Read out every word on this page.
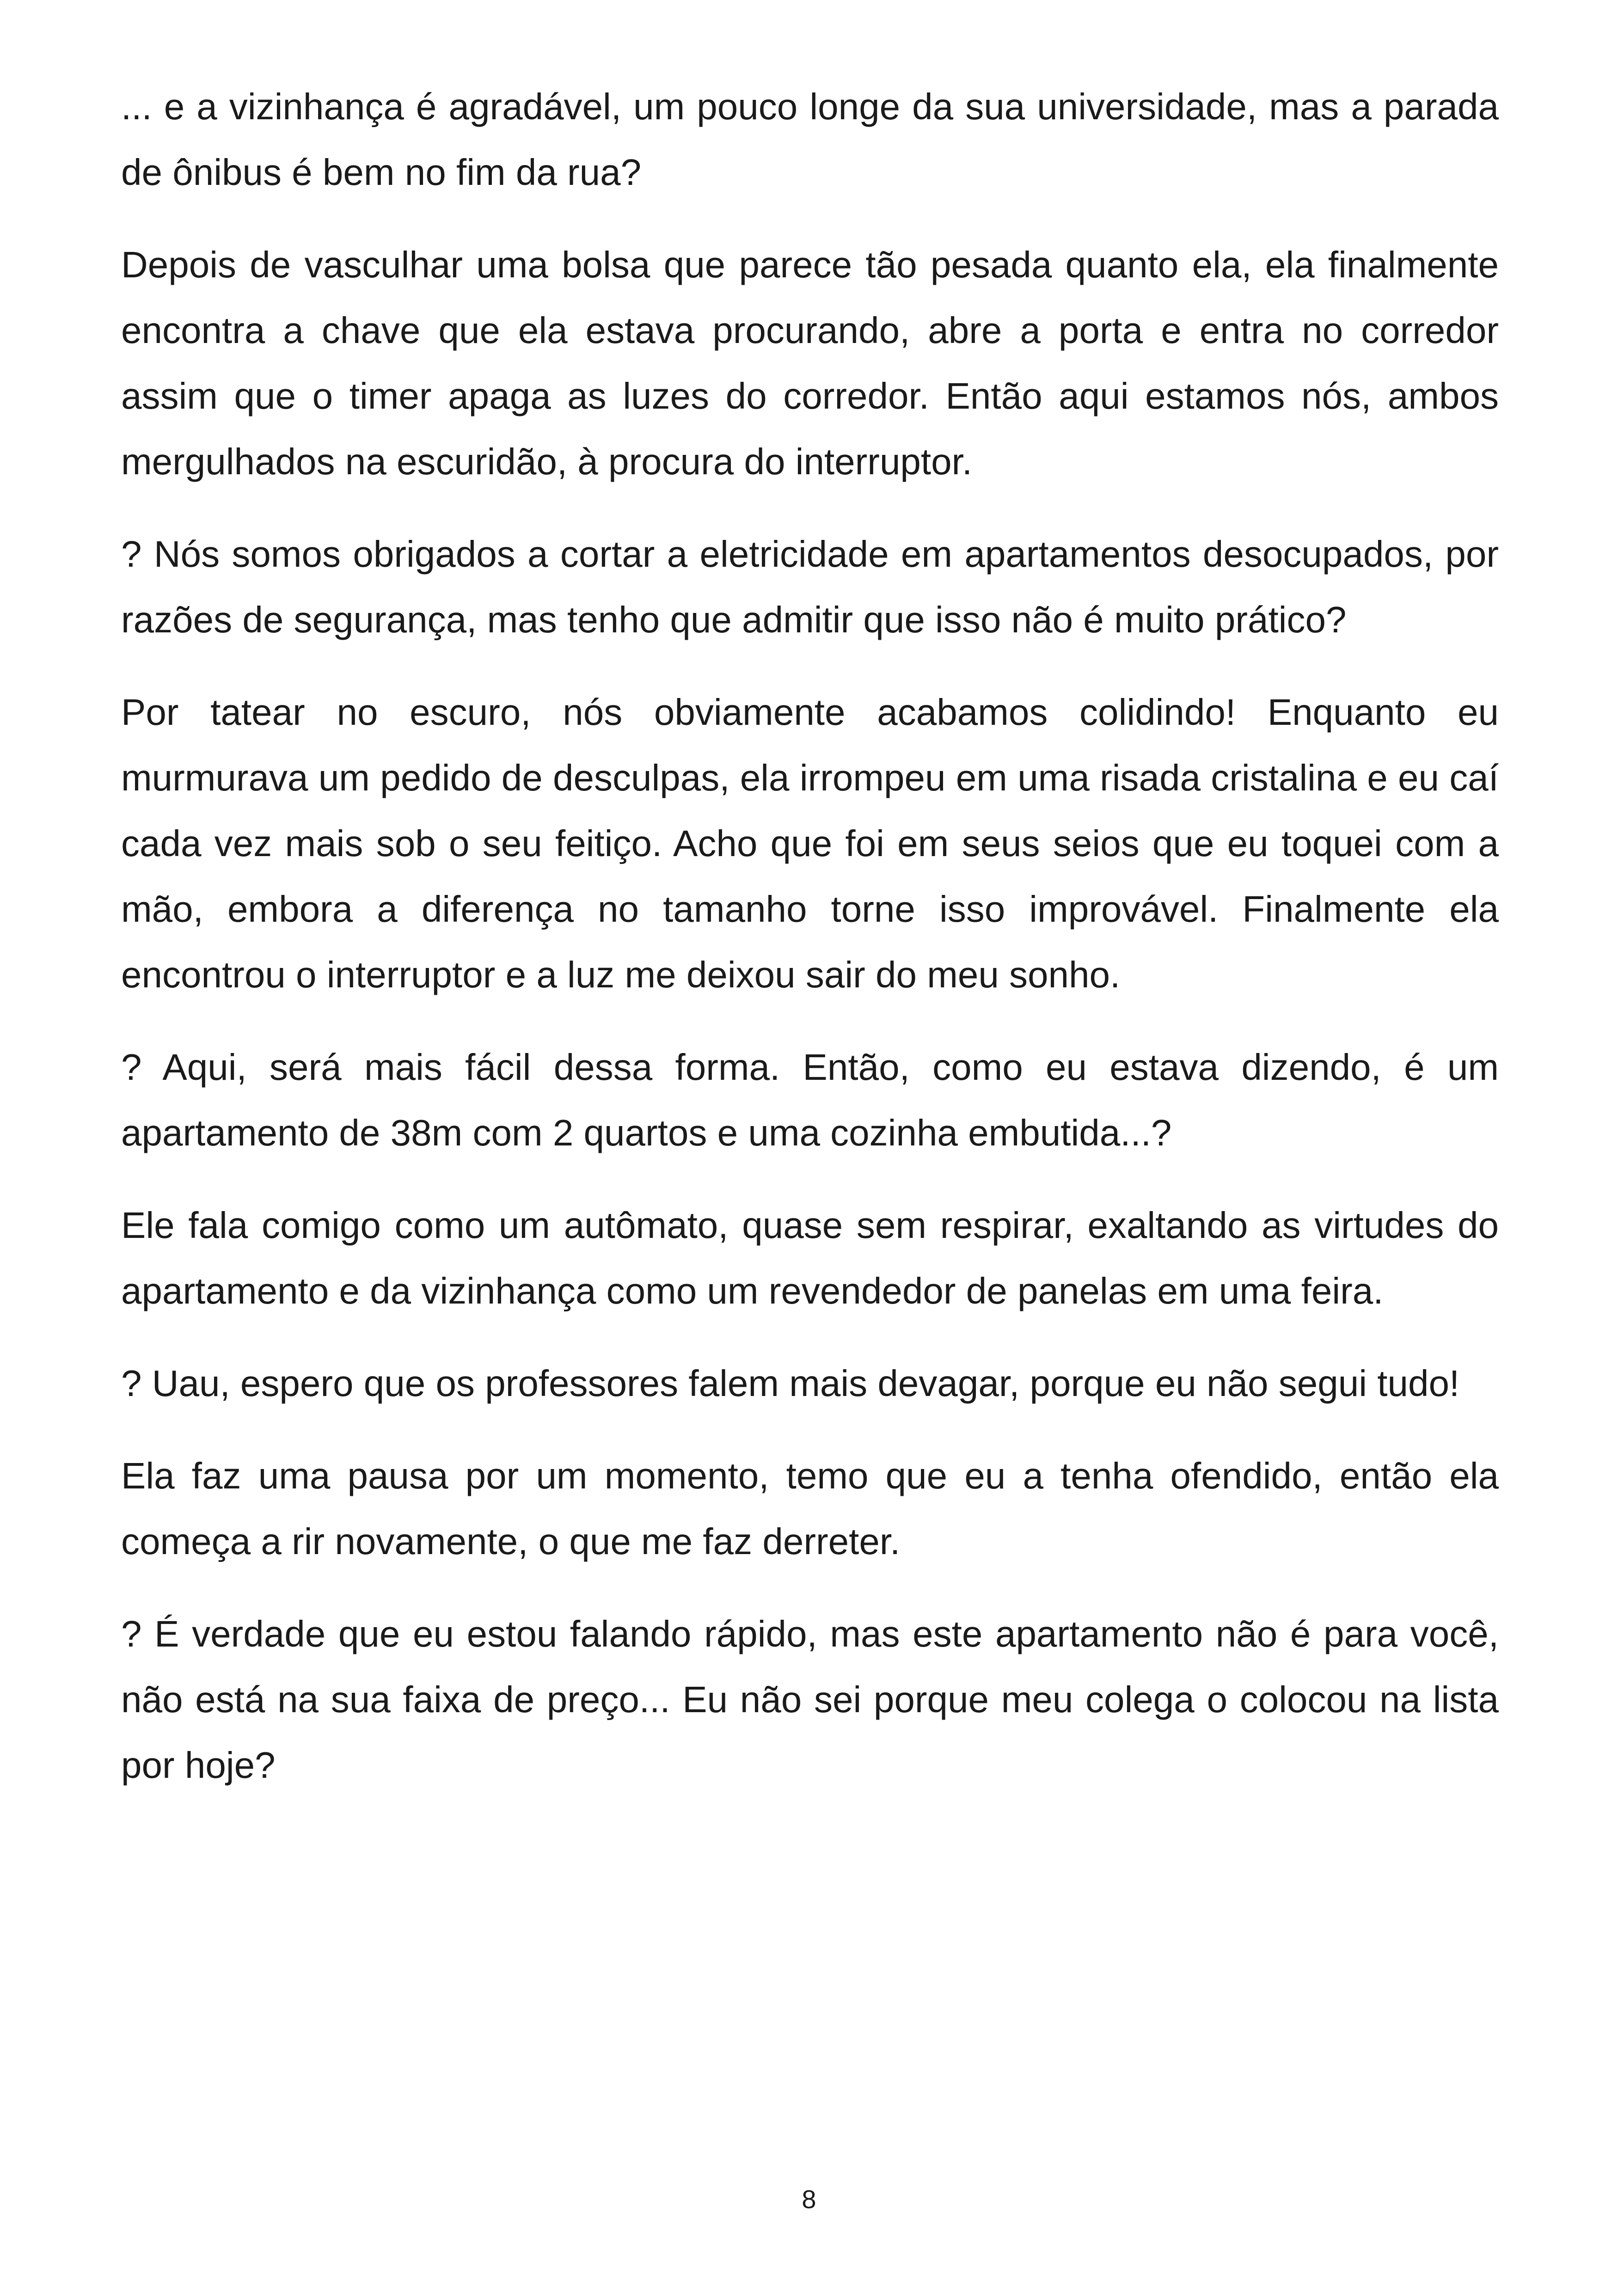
... e a vizinhança é agradável, um pouco longe da sua universidade, mas a parada de ônibus é bem no fim da rua?

Depois de vasculhar uma bolsa que parece tão pesada quanto ela, ela finalmente encontra a chave que ela estava procurando, abre a porta e entra no corredor assim que o timer apaga as luzes do corredor. Então aqui estamos nós, ambos mergulhados na escuridão, à procura do interruptor.

? Nós somos obrigados a cortar a eletricidade em apartamentos desocupados, por razões de segurança, mas tenho que admitir que isso não é muito prático?

Por tatear no escuro, nós obviamente acabamos colidindo! Enquanto eu murmurava um pedido de desculpas, ela irrompeu em uma risada cristalina e eu caí cada vez mais sob o seu feitiço. Acho que foi em seus seios que eu toquei com a mão, embora a diferença no tamanho torne isso improvável. Finalmente ela encontrou o interruptor e a luz me deixou sair do meu sonho.

? Aqui, será mais fácil dessa forma. Então, como eu estava dizendo, é um apartamento de 38m com 2 quartos e uma cozinha embutida...?

Ele fala comigo como um autômato, quase sem respirar, exaltando as virtudes do apartamento e da vizinhança como um revendedor de panelas em uma feira.

? Uau, espero que os professores falem mais devagar, porque eu não segui tudo!

Ela faz uma pausa por um momento, temo que eu a tenha ofendido, então ela começa a rir novamente, o que me faz derreter.

? É verdade que eu estou falando rápido, mas este apartamento não é para você, não está na sua faixa de preço... Eu não sei porque meu colega o colocou na lista por hoje?

8
